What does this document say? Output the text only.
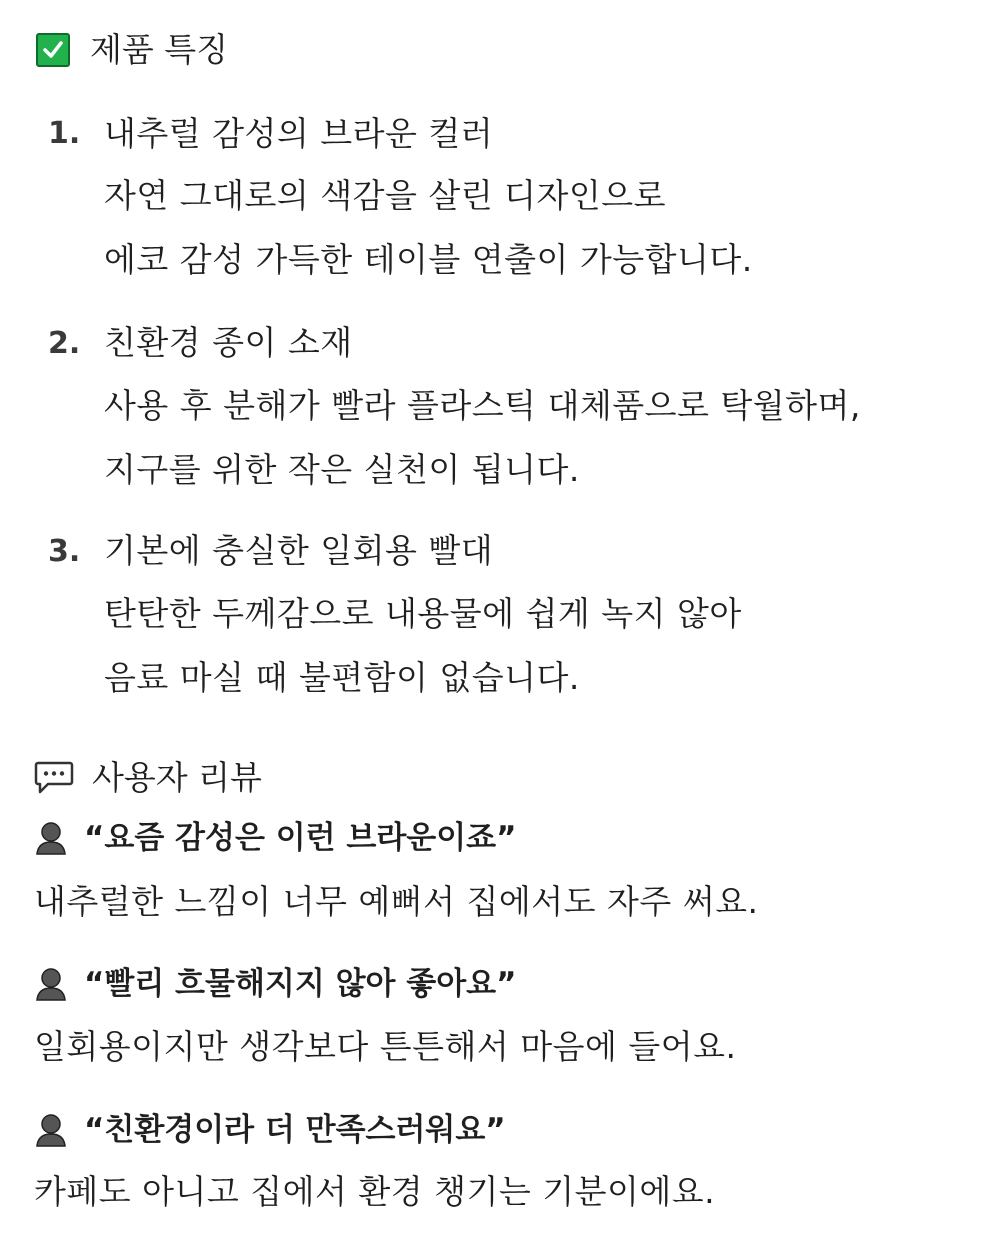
제품 특징
1. 내추럴 감성의 브라운 컬러
자연 그대로의 색감을 살린 디자인으로
에코 감성 가득한 테이블 연출이 가능합니다.
2. 친환경 종이 소재
사용 후 분해가 빨라 플라스틱 대체품으로 탁월하며,
지구를 위한 작은 실천이 됩니다.
3. 기본에 충실한 일회용 빨대
탄탄한 두께감으로 내용물에 쉽게 녹지 않아
음료 마실 때 불편함이 없습니다.
사용자 리뷰
“요즘 감성은 이런 브라운이죠”
내추럴한 느낌이 너무 예뻐서 집에서도 자주 써요.
“빨리 흐물해지지 않아 좋아요”
일회용이지만 생각보다 튼튼해서 마음에 들어요.
“친환경이라 더 만족스러워요”
카페도 아니고 집에서 환경 챙기는 기분이에요.
